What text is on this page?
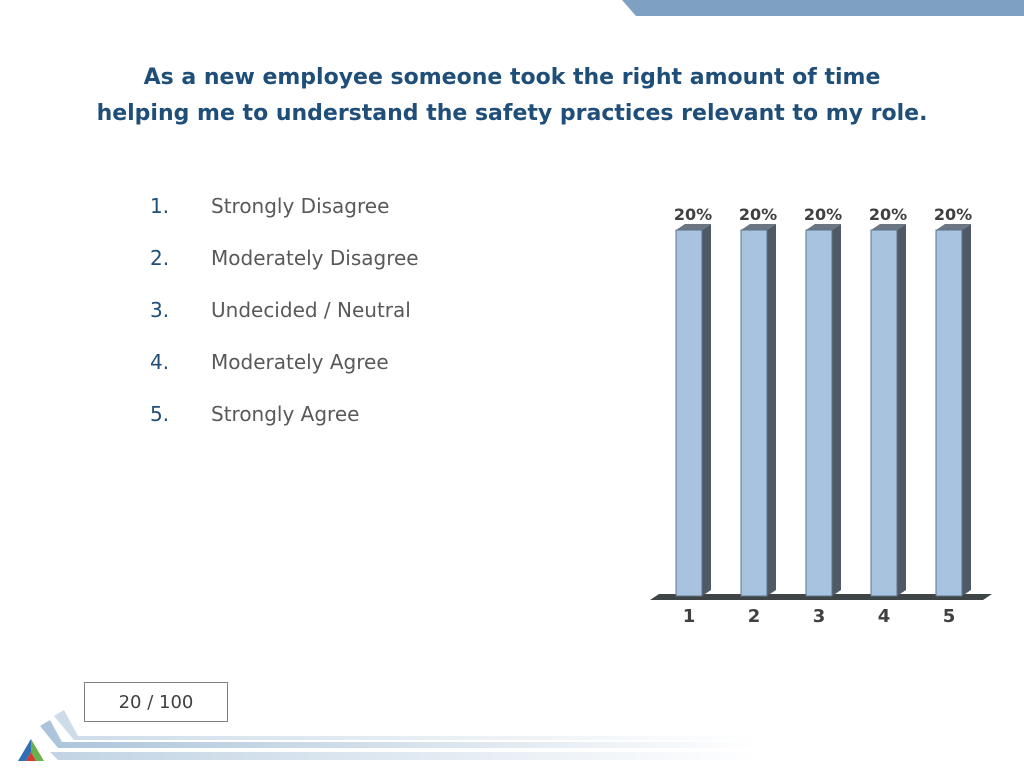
As a new employee someone took the right amount of time
helping me to understand the safety practices relevant to my role.
1.	Strongly Disagree
2.	Moderately Disagree
3.	Undecided / Neutral
4.	Moderately Agree
5.	Strongly Agree
20%
1
20%
2
20%
3
20%
4
20%
5
20 / 100
